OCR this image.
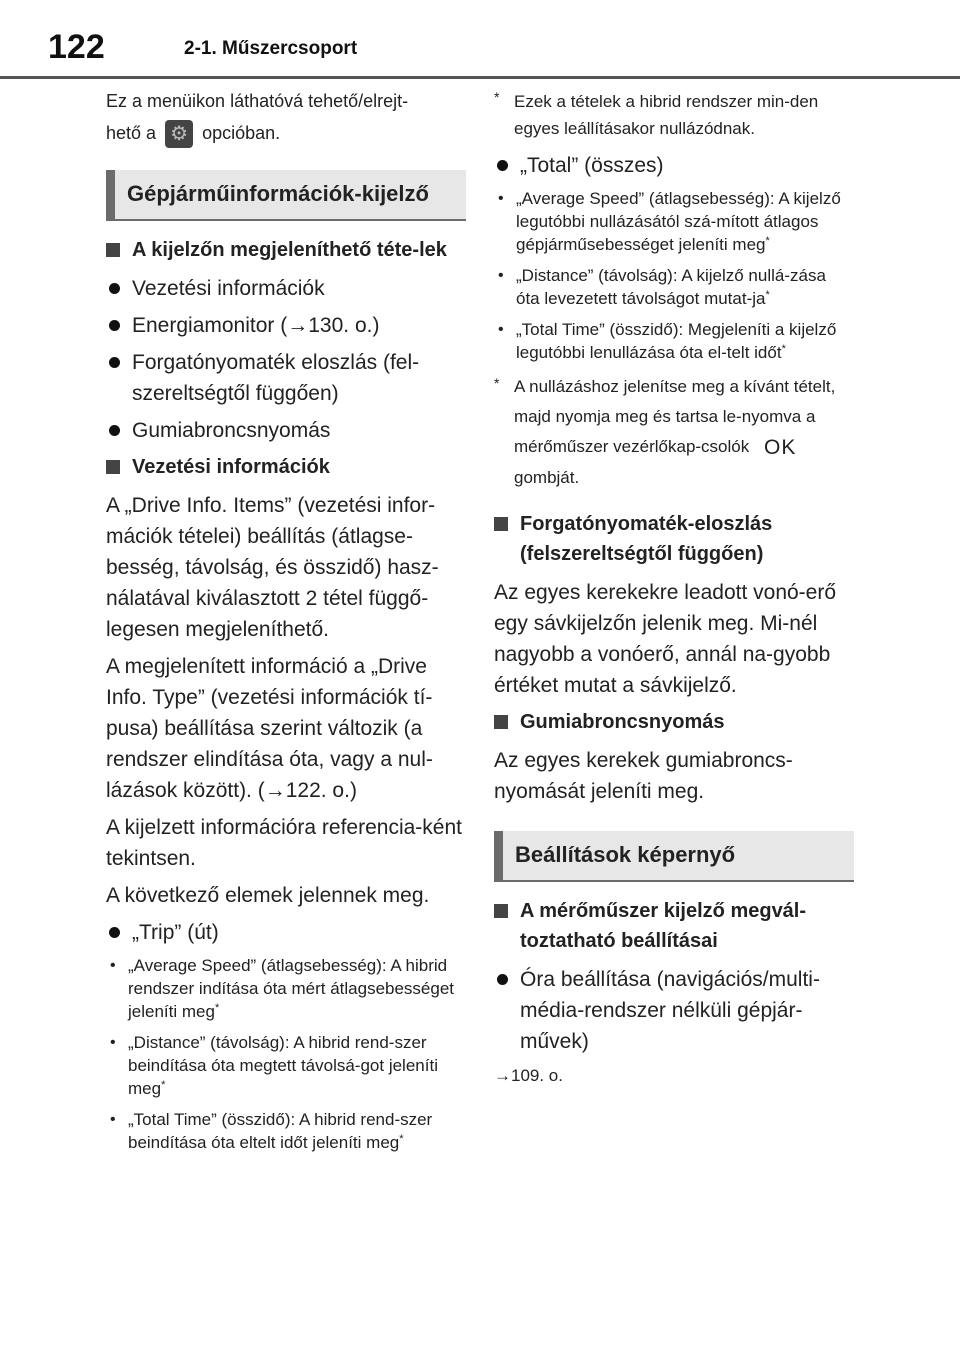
122	2-1. Műszercsoport

Ez a menüikon láthatóvá tehető/elrejt-

hető a ⚙ opcióban.

Gépjárműinformációk-kijelző
A kijelzőn megjeleníthető téte-lek
Vezetési információk
Energiamonitor (→130. o.)
Forgatónyomaték eloszlás (fel-szereltségtől függően)
Gumiabroncsnyomás
Vezetési információk

A „Drive Info. Items” (vezetési infor-mációk tételei) beállítás (átlagse-besség, távolság, és összidő) hasz-nálatával kiválasztott 2 tétel függő-legesen megjeleníthető.

A megjelenített információ a „Drive Info. Type” (vezetési információk tí-pusa) beállítása szerint változik (a rendszer elindítása óta, vagy a nul-lázások között). (→122. o.)

A kijelzett információra referencia-ként tekintsen.

A következő elemek jelennek meg.

„Trip” (út)
• „Average Speed” (átlagsebesség): A hibrid rendszer indítása óta mért átlagsebességet jeleníti meg*
• „Distance” (távolság): A hibrid rend-szer beindítása óta megtett távolsá-got jeleníti meg*
• „Total Time” (összidő): A hibrid rend-szer beindítása óta eltelt időt jeleníti meg*
* Ezek a tételek a hibrid rendszer min-den egyes leállításakor nullázódnak.
„Total” (összes)
• „Average Speed” (átlagsebesség): A kijelző legutóbbi nullázásától szá-mított átlagos gépjárműsebességet jeleníti meg*
• „Distance” (távolság): A kijelző nullá-zása óta levezetett távolságot mutat-ja*
• „Total Time” (összidő): Megjeleníti a kijelző legutóbbi lenullázása óta el-telt időt*
* A nullázáshoz jelenítse meg a kívánt tételt, majd nyomja meg és tartsa le-nyomva a mérőműszer vezérlőkap-csolók OK gombját.
Forgatónyomaték-eloszlás (felszereltségtől függően)

Az egyes kerekekre leadott vonó-erő egy sávkijelzőn jelenik meg. Mi-nél nagyobb a vonóerő, annál na-gyobb értéket mutat a sávkijelző.

Gumiabroncsnyomás

Az egyes kerekek gumiabroncs-nyomását jeleníti meg.

Beállítások képernyő
A mérőműszer kijelző megvál-toztatható beállításai
Óra beállítása (navigációs/multi-média-rendszer nélküli gépjár-művek)

→109. o.
